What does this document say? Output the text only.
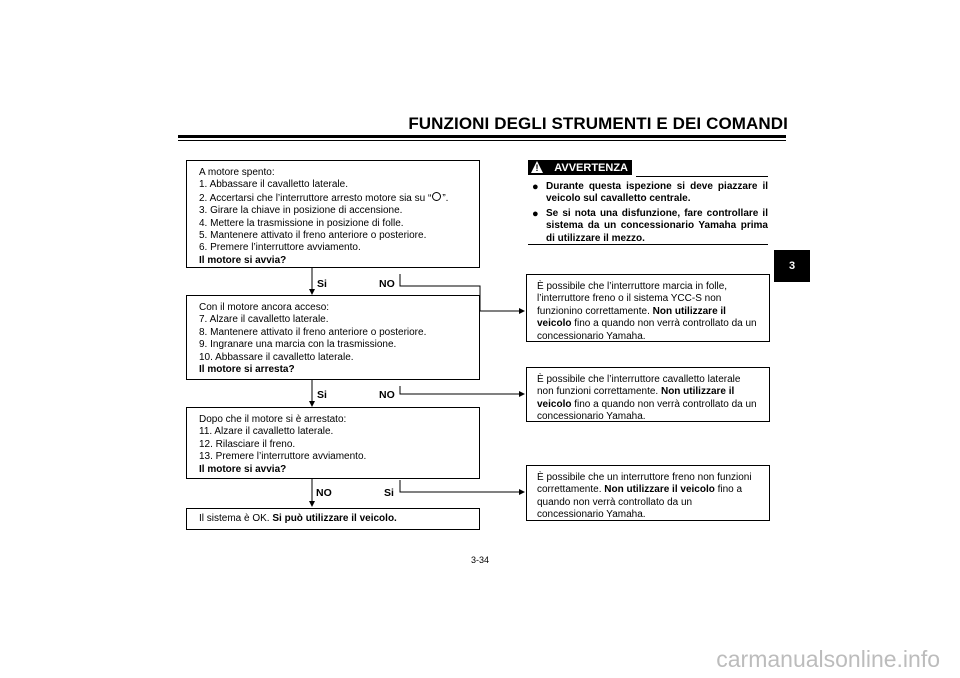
FUNZIONI DEGLI STRUMENTI E DEI COMANDI
3
A motore spento:
1. Abbassare il cavalletto laterale.
2. Accertarsi che l’interruttore arresto motore sia su “ ”.
3. Girare la chiave in posizione di accensione.
4. Mettere la trasmissione in posizione di folle.
5. Mantenere attivato il freno anteriore o posteriore.
6. Premere l’interruttore avviamento.
Il motore si avvia?
Si	NO
Con il motore ancora acceso:
7. Alzare il cavalletto laterale.
8. Mantenere attivato il freno anteriore o posteriore.
9. Ingranare una marcia con la trasmissione.
10. Abbassare il cavalletto laterale.
Il motore si arresta?
Si	NO
Dopo che il motore si è arrestato:
11. Alzare il cavalletto laterale.
12. Rilasciare il freno.
13. Premere l’interruttore avviamento.
Il motore si avvia?
NO	Si
Il sistema è OK. Si può utilizzare il veicolo.
È possibile che l’interruttore marcia in folle, l’interruttore freno o il sistema YCC-S non funzionino correttamente. Non utilizzare il veicolo fino a quando non verrà controllato da un concessionario Yamaha.
È possibile che l’interruttore cavalletto laterale non funzioni correttamente. Non utilizzare il veicolo fino a quando non verrà controllato da un concessionario Yamaha.
È possibile che un interruttore freno non funzioni correttamente. Non utilizzare il veicolo fino a quando non verrà controllato da un concessionario Yamaha.
AVVERTENZA
!
● Durante questa ispezione si deve piazzare il veicolo sul cavalletto centrale.
● Se si nota una disfunzione, fare controllare il sistema da un concessionario Yamaha prima di utilizzare il mezzo.
3-34
carmanualsonline.info
